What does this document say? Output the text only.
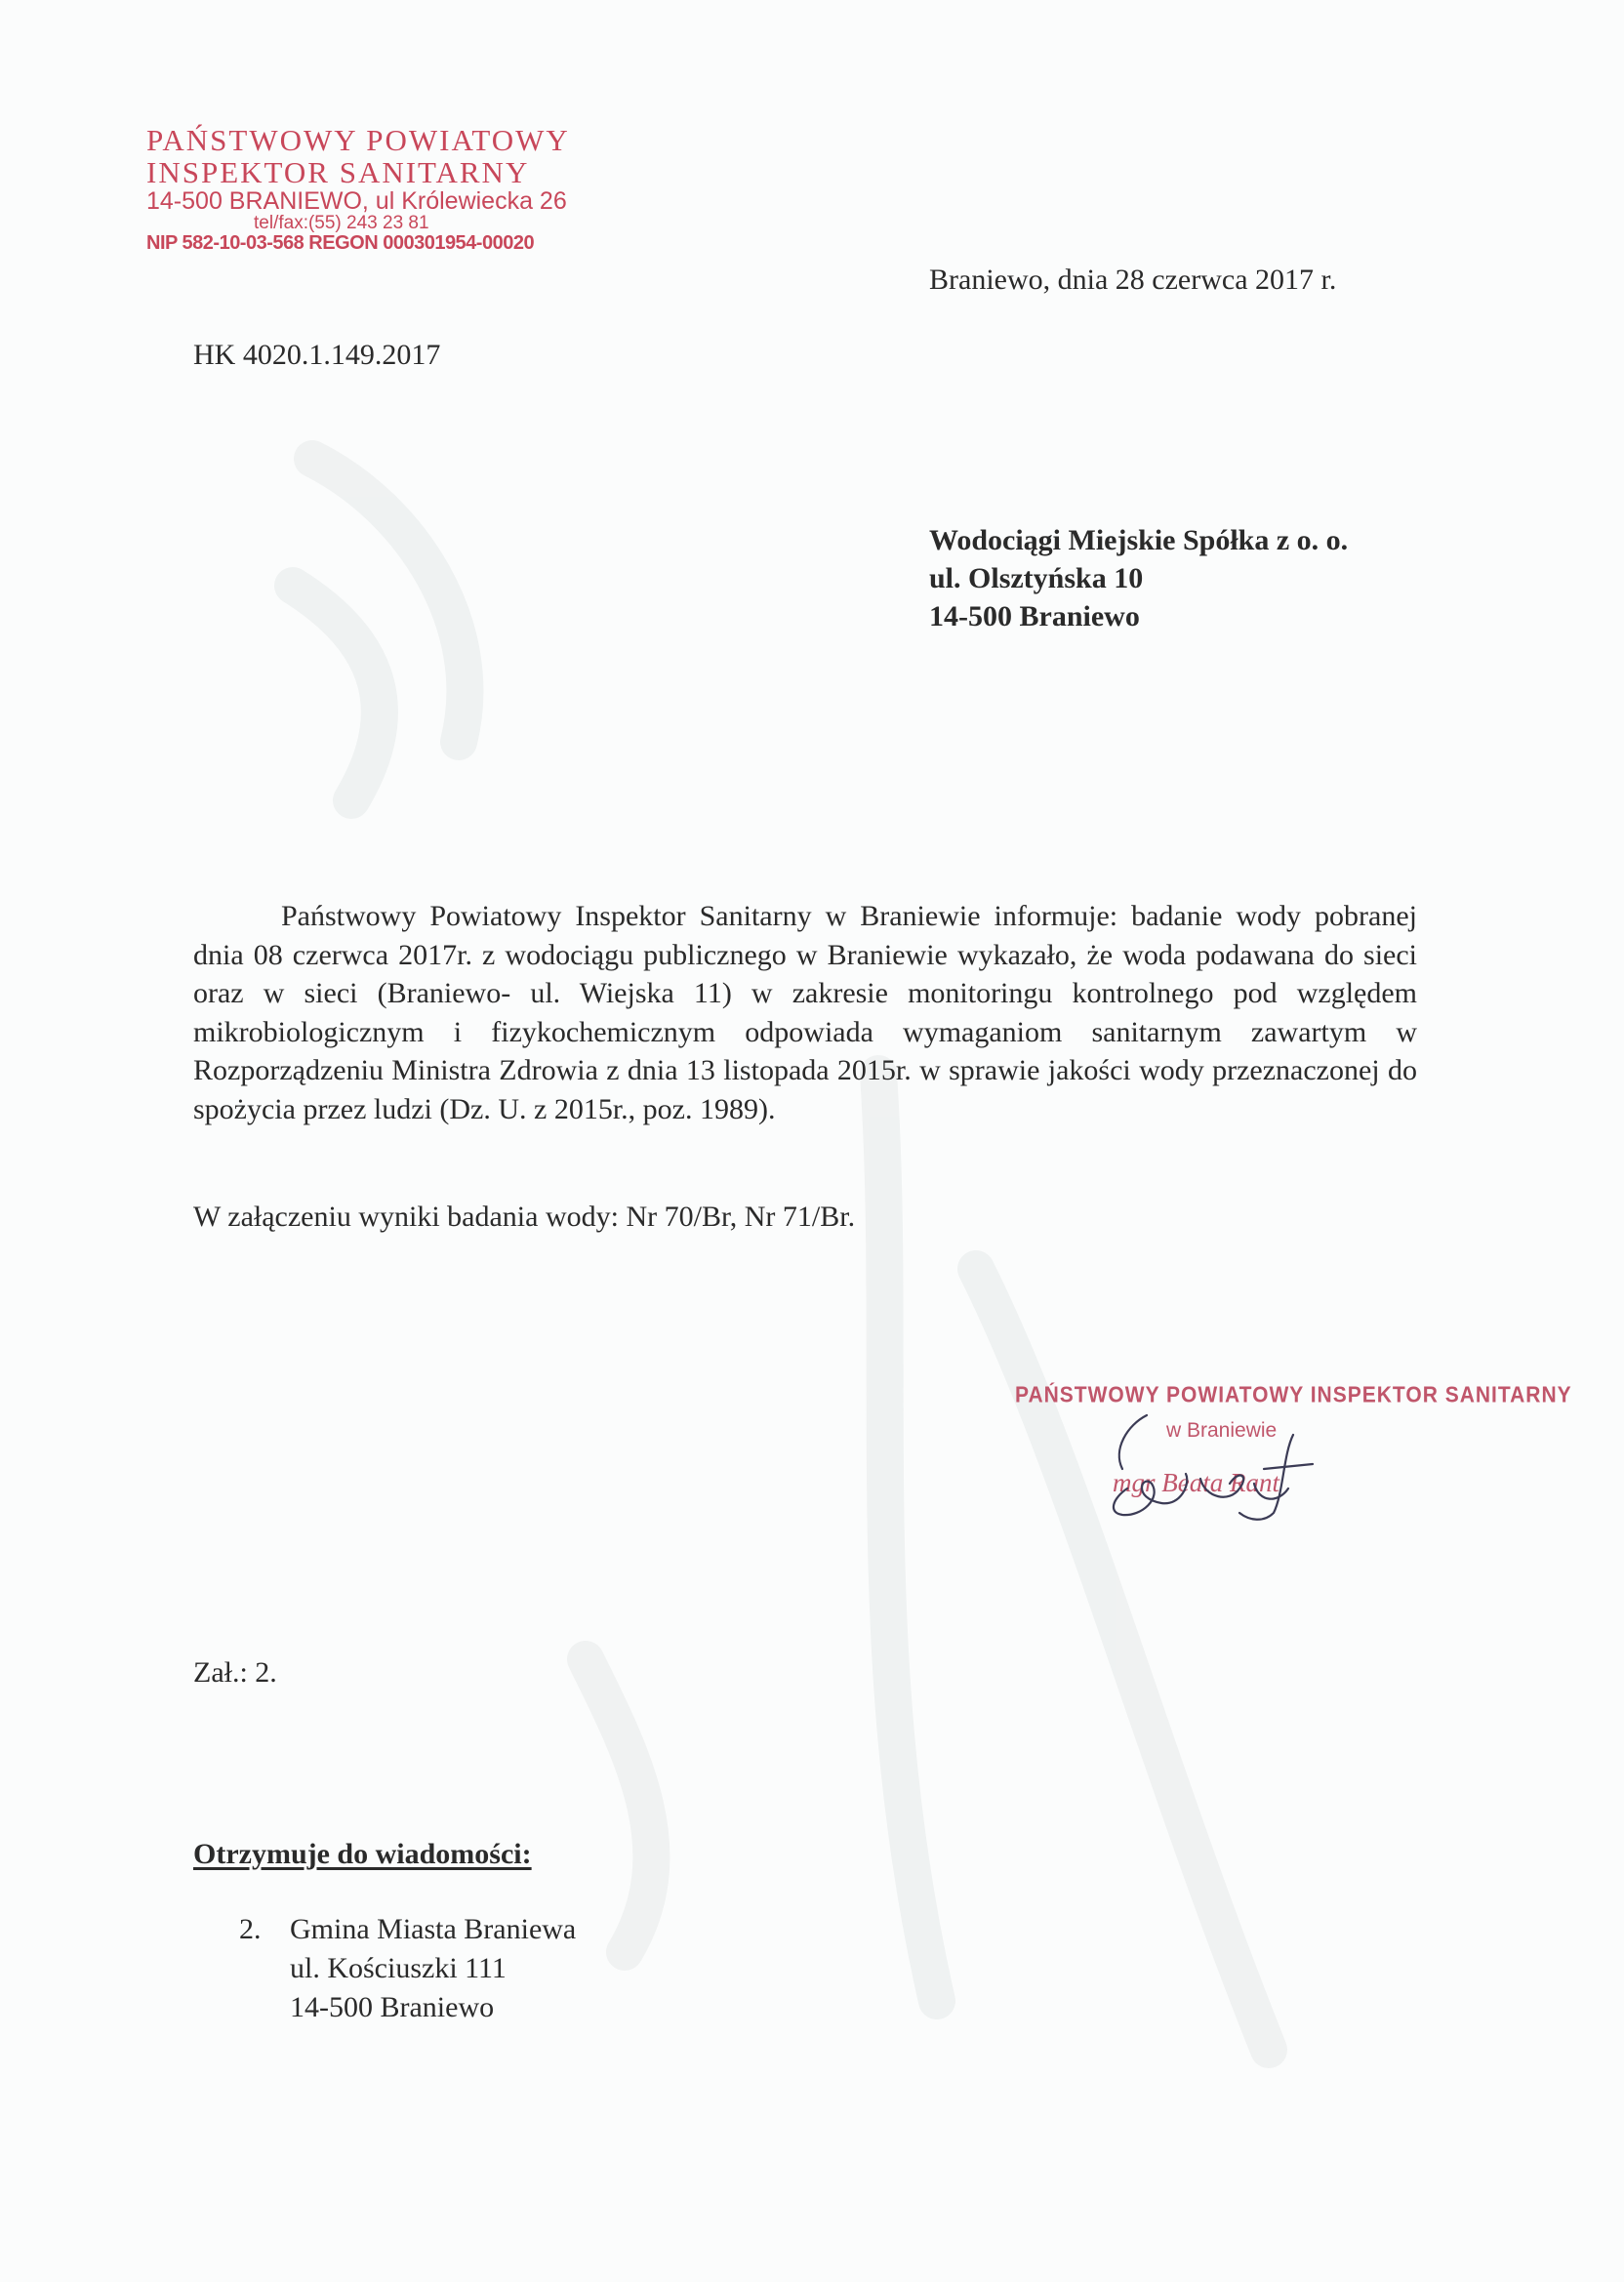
PAŃSTWOWY POWIATOWY
INSPEKTOR SANITARNY
14-500 BRANIEWO, ul Królewiecka 26
tel/fax:(55) 243 23 81
NIP 582-10-03-568 REGON 000301954-00020
Braniewo, dnia 28 czerwca 2017 r.
HK 4020.1.149.2017
Wodociągi Miejskie Spółka z o. o.
ul. Olsztyńska 10
14-500 Braniewo

Państwowy Powiatowy Inspektor Sanitarny w Braniewie informuje: badanie wody pobranej dnia 08 czerwca 2017r. z wodociągu publicznego w Braniewie wykazało, że woda podawana do sieci oraz w sieci (Braniewo- ul. Wiejska 11) w zakresie monitoringu kontrolnego pod względem mikrobiologicznym i fizykochemicznym odpowiada wymaganiom sanitarnym zawartym w Rozporządzeniu Ministra Zdrowia z dnia 13 listopada 2015r. w sprawie jakości wody przeznaczonej do spożycia przez ludzi (Dz. U. z 2015r., poz. 1989).

W załączeniu wyniki badania wody: Nr 70/Br, Nr 71/Br.
PAŃSTWOWY POWIATOWY INSPEKTOR SANITARNY
w Braniewie
mgr Beata Rant
Zał.: 2.
Otrzymuje do wiadomości:
2. Gmina Miasta Braniewa
ul. Kościuszki 111
14-500 Braniewo
